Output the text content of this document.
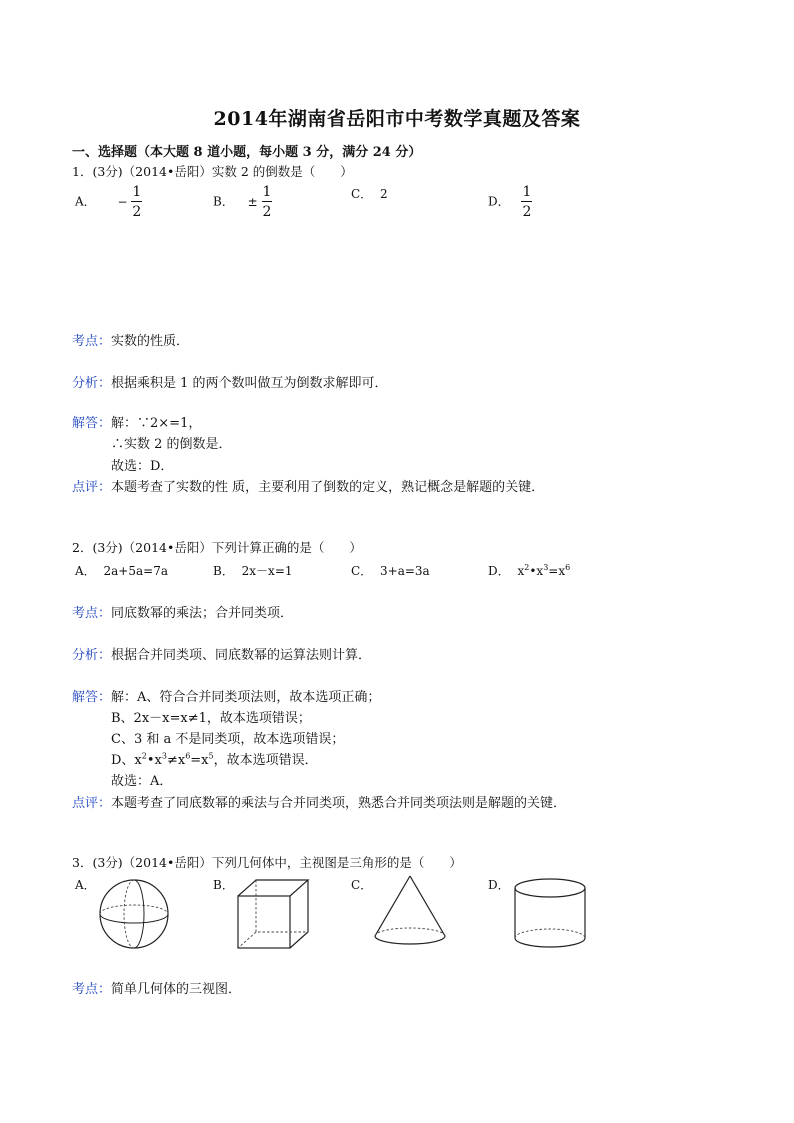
2014年湖南省岳阳市中考数学真题及答案
一、选择题（本大题 8 道小题，每小题 3 分，满分 24 分）
1．(3分)（2014•岳阳）实数 2 的倒数是（　　）
A． − $\frac{1}{2}$	B． ± $\frac{1}{2}$	C． 2
D． $\frac{1}{2}$
考点：实数的性质．
分析：根据乘积是 1 的两个数叫做互为倒数求解即可．
解答：解：∵2×=1，
∴实数 2 的倒数是．
故选：D．
点评：本题考查了实数的性 质，主要利用了倒数的定义，熟记概念是解题的关键．
2．(3分)（2014•岳阳）下列计算正确的是（　　）
A． 2a+5a=7a	B． 2x－x=1	C． 3+a=3a	D． $x^2•x^3=x^6$
考点：同底数幂的乘法；合并同类项．
分析：根据合并同类项、同底数幂的运算法则计算．
解答：解：A、符合合并同类项法则，故本选项正确；
B、2x－x=x≠1，故本选项错误；
C、3 和 a 不是同类项，故本选项错误；
D、$x^2•x^3\ne x^6=x^5$，故本选项错误．
故选：A．
点评：本题考查了同底数幂的乘法与合并同类项，熟悉合并同类项法则是解题的关键．
3．(3分)（2014•岳阳）下列几何体中，主视图是三角形的是（　　）
A．	B．	C．	D．
考点：简单几何体的三视图．
